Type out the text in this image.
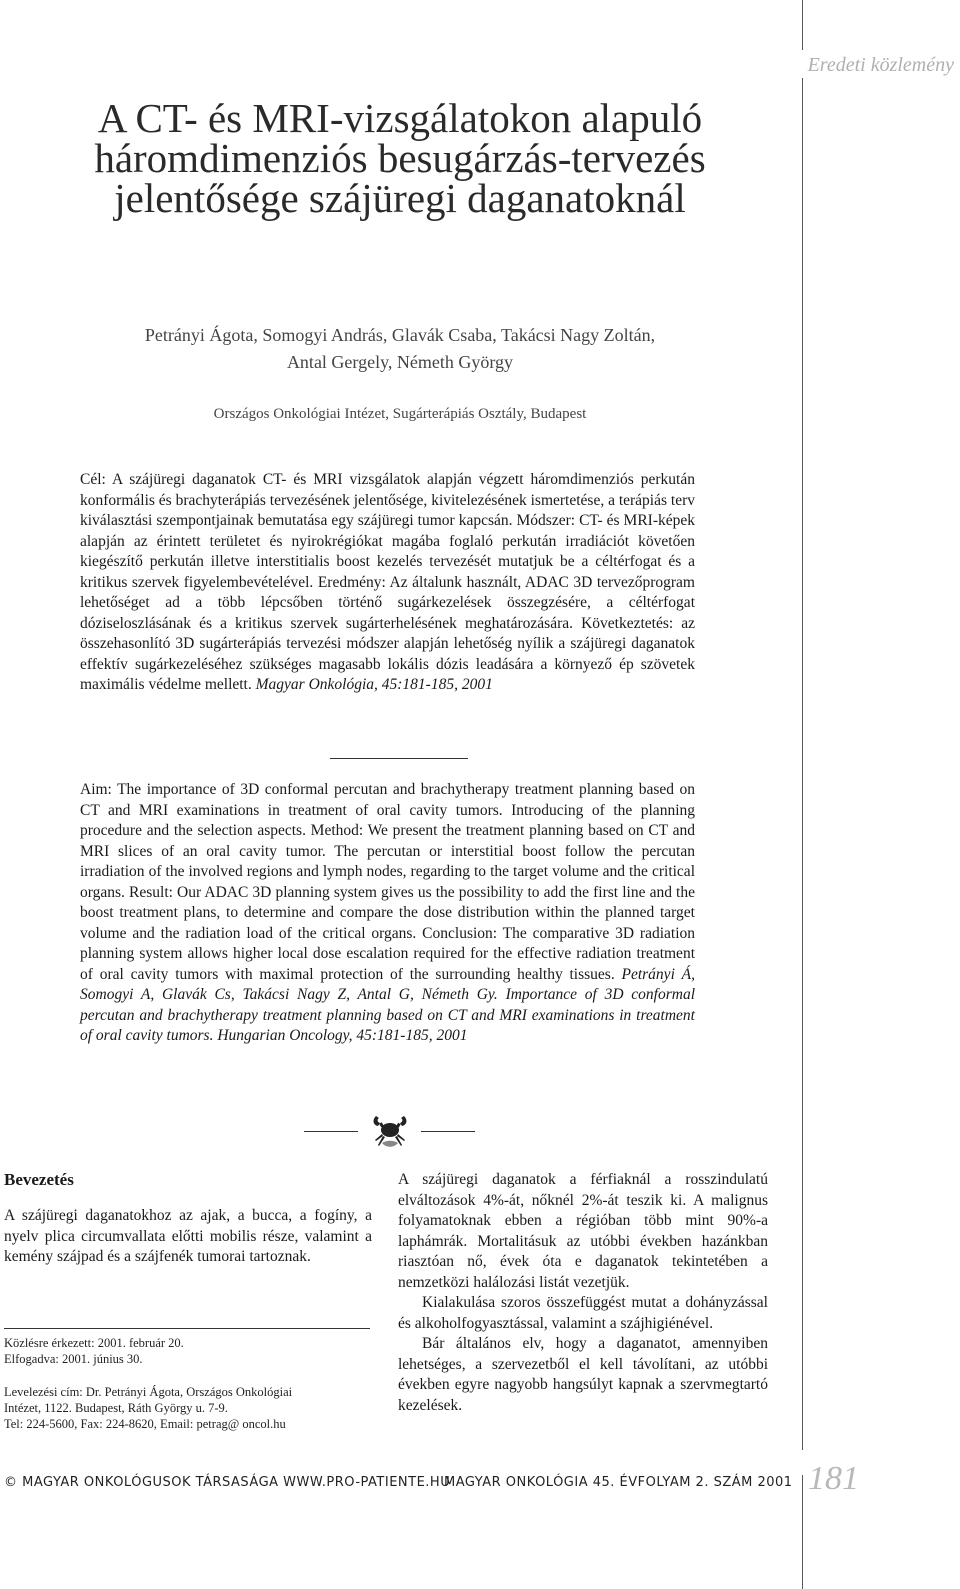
Eredeti közlemény
A CT- és MRI-vizsgálatokon alapuló
háromdimenziós besugárzás-tervezés
jelentősége szájüregi daganatoknál
Petrányi Ágota, Somogyi András, Glavák Csaba, Takácsi Nagy Zoltán,
Antal Gergely, Németh György
Országos Onkológiai Intézet, Sugárterápiás Osztály, Budapest
Cél: A szájüregi daganatok CT- és MRI vizsgálatok alapján végzett háromdimenziós perkután konformális és brachyterápiás tervezésének jelentősége, kivitelezésének ismertetése, a terápiás terv kiválasztási szempontjainak bemutatása egy szájüregi tumor kapcsán. Módszer: CT- és MRI-képek alapján az érintett területet és nyirokrégiókat magába foglaló perkután irradiációt követően kiegészítő perkután illetve interstitialis boost kezelés tervezését mutatjuk be a céltérfogat és a kritikus szervek figyelembevételével. Eredmény: Az általunk használt, ADAC 3D tervezőprogram lehetőséget ad a több lépcsőben történő sugárkezelések összegzésére, a céltérfogat dóziseloszlásának és a kritikus szervek sugárterhelésének meghatározására. Következtetés: az összehasonlító 3D sugárterápiás tervezési módszer alapján lehetőség nyílik a szájüregi daganatok effektív sugárkezeléséhez szükséges magasabb lokális dózis leadására a környező ép szövetek maximális védelme mellett. Magyar Onkológia, 45:181-185, 2001
Aim: The importance of 3D conformal percutan and brachytherapy treatment planning based on CT and MRI examinations in treatment of oral cavity tumors. Introducing of the planning procedure and the selection aspects. Method: We present the treatment planning based on CT and MRI slices of an oral cavity tumor. The percutan or interstitial boost follow the percutan irradiation of the involved regions and lymph nodes, regarding to the target volume and the critical organs. Result: Our ADAC 3D planning system gives us the possibility to add the first line and the boost treatment plans, to determine and compare the dose distribution within the planned target volume and the radiation load of the critical organs. Conclusion: The comparative 3D radiation planning system allows higher local dose escalation required for the effective radiation treatment of oral cavity tumors with maximal protection of the surrounding healthy tissues. Petrányi Á, Somogyi A, Glavák Cs, Takácsi Nagy Z, Antal G, Németh Gy. Importance of 3D conformal percutan and brachytherapy treatment planning based on CT and MRI examinations in treatment of oral cavity tumors. Hungarian Oncology, 45:181-185, 2001
Bevezetés

A szájüregi daganatokhoz az ajak, a bucca, a fogíny, a nyelv plica circumvallata előtti mobilis része, valamint a kemény szájpad és a szájfenék tumorai tartoznak.

Közlésre érkezett: 2001. február 20.
Elfogadva: 2001. június 30.
Levelezési cím: Dr. Petrányi Ágota, Országos Onkológiai
Intézet, 1122. Budapest, Ráth György u. 7-9.
Tel: 224-5600, Fax: 224-8620, Email: petrag@ oncol.hu

A szájüregi daganatok a férfiaknál a rosszindulatú elváltozások 4%-át, nőknél 2%-át teszik ki. A malignus folyamatoknak ebben a régióban több mint 90%-a laphámrák. Mortalitásuk az utóbbi években hazánkban riasztóan nő, évek óta e daganatok tekintetében a nemzetközi halálozási listát vezetjük.

Kialakulása szoros összefüggést mutat a dohányzással és alkoholfogyasztással, valamint a szájhigiénével.

Bár általános elv, hogy a daganatot, amennyiben lehetséges, a szervezetből el kell távolítani, az utóbbi években egyre nagyobb hangsúlyt kapnak a szervmegtartó kezelések.

© MAGYAR ONKOLÓGUSOK TÁRSASÁGA WWW.PRO-PATIENTE.HU
MAGYAR ONKOLÓGIA 45. ÉVFOLYAM 2. SZÁM 2001 181
